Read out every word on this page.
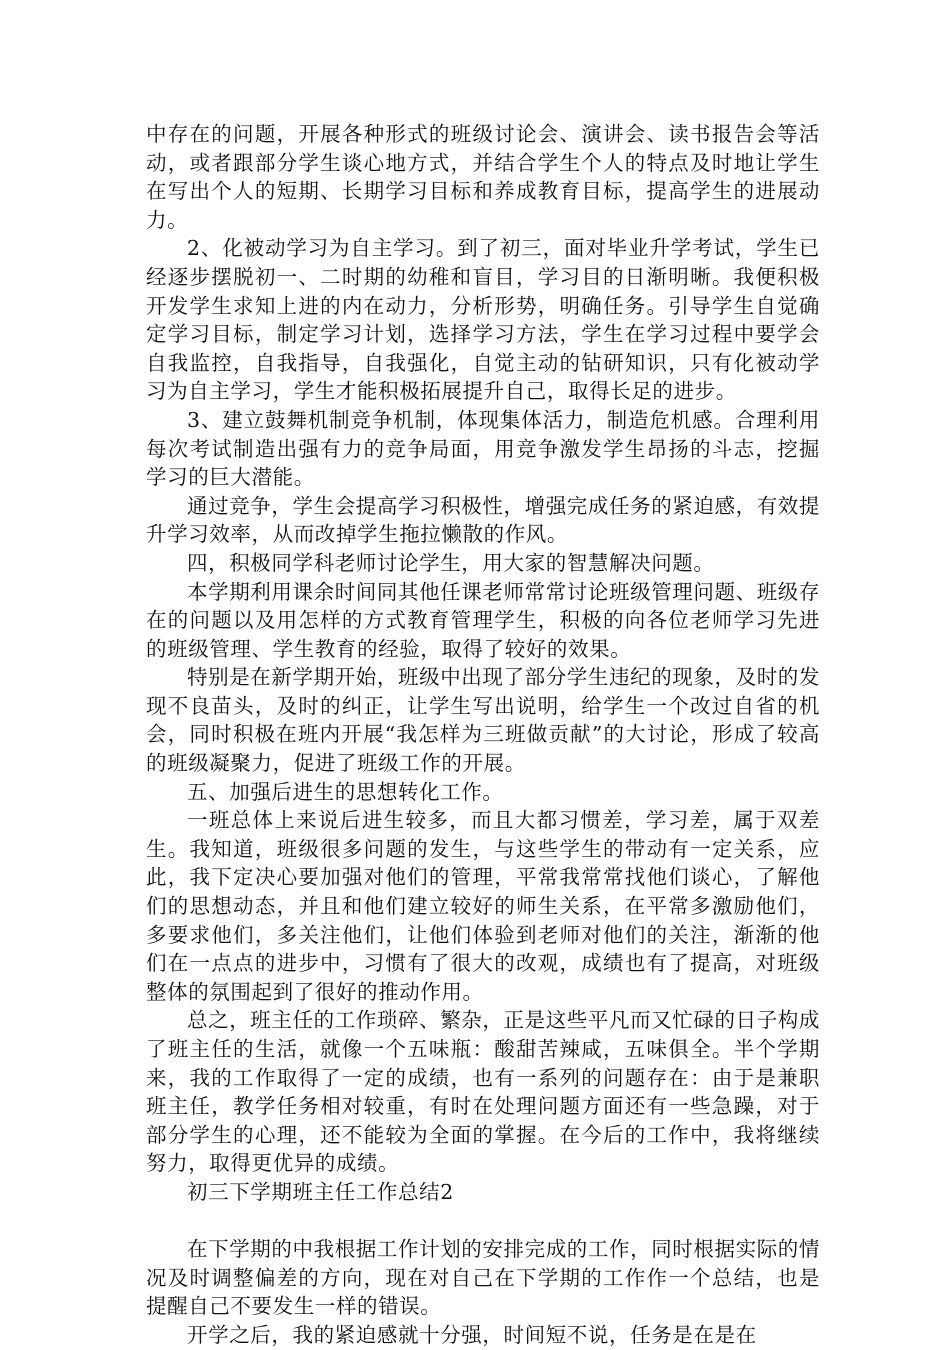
中存在的问题，开展各种形式的班级讨论会、演讲会、读书报告会等活动，或者跟部分学生谈心地方式，并结合学生个人的特点及时地让学生在写出个人的短期、长期学习目标和养成教育目标，提高学生的进展动力。

2、化被动学习为自主学习。到了初三，面对毕业升学考试，学生已经逐步摆脱初一、二时期的幼稚和盲目，学习目的日渐明晰。我便积极开发学生求知上进的内在动力，分析形势，明确任务。引导学生自觉确定学习目标，制定学习计划，选择学习方法，学生在学习过程中要学会自我监控，自我指导，自我强化，自觉主动的钻研知识，只有化被动学习为自主学习，学生才能积极拓展提升自己，取得长足的进步。

3、建立鼓舞机制竞争机制，体现集体活力，制造危机感。合理利用每次考试制造出强有力的竞争局面，用竞争激发学生昂扬的斗志，挖掘学习的巨大潜能。

通过竞争，学生会提高学习积极性，增强完成任务的紧迫感，有效提升学习效率，从而改掉学生拖拉懒散的作风。

四，积极同学科老师讨论学生，用大家的智慧解决问题。

本学期利用课余时间同其他任课老师常常讨论班级管理问题、班级存在的问题以及用怎样的方式教育管理学生，积极的向各位老师学习先进的班级管理、学生教育的经验，取得了较好的效果。

特别是在新学期开始，班级中出现了部分学生违纪的现象，及时的发现不良苗头，及时的纠正，让学生写出说明，给学生一个改过自省的机会，同时积极在班内开展“我怎样为三班做贡献”的大讨论，形成了较高的班级凝聚力，促进了班级工作的开展。

五、加强后进生的思想转化工作。

一班总体上来说后进生较多，而且大都习惯差，学习差，属于双差生。我知道，班级很多问题的发生，与这些学生的带动有一定关系，应此，我下定决心要加强对他们的管理，平常我常常找他们谈心，了解他们的思想动态，并且和他们建立较好的师生关系，在平常多激励他们，多要求他们，多关注他们，让他们体验到老师对他们的关注，渐渐的他们在一点点的进步中，习惯有了很大的改观，成绩也有了提高，对班级整体的氛围起到了很好的推动作用。

总之，班主任的工作琐碎、繁杂，正是这些平凡而又忙碌的日子构成了班主任的生活，就像一个五味瓶：酸甜苦辣咸，五味俱全。半个学期来，我的工作取得了一定的成绩，也有一系列的问题存在：由于是兼职班主任，教学任务相对较重，有时在处理问题方面还有一些急躁，对于部分学生的心理，还不能较为全面的掌握。在今后的工作中，我将继续努力，取得更优异的成绩。

初三下学期班主任工作总结2

在下学期的中我根据工作计划的安排完成的工作，同时根据实际的情况及时调整偏差的方向，现在对自己在下学期的工作作一个总结，也是提醒自己不要发生一样的错误。

开学之后，我的紧迫感就十分强，时间短不说，任务是在是在
